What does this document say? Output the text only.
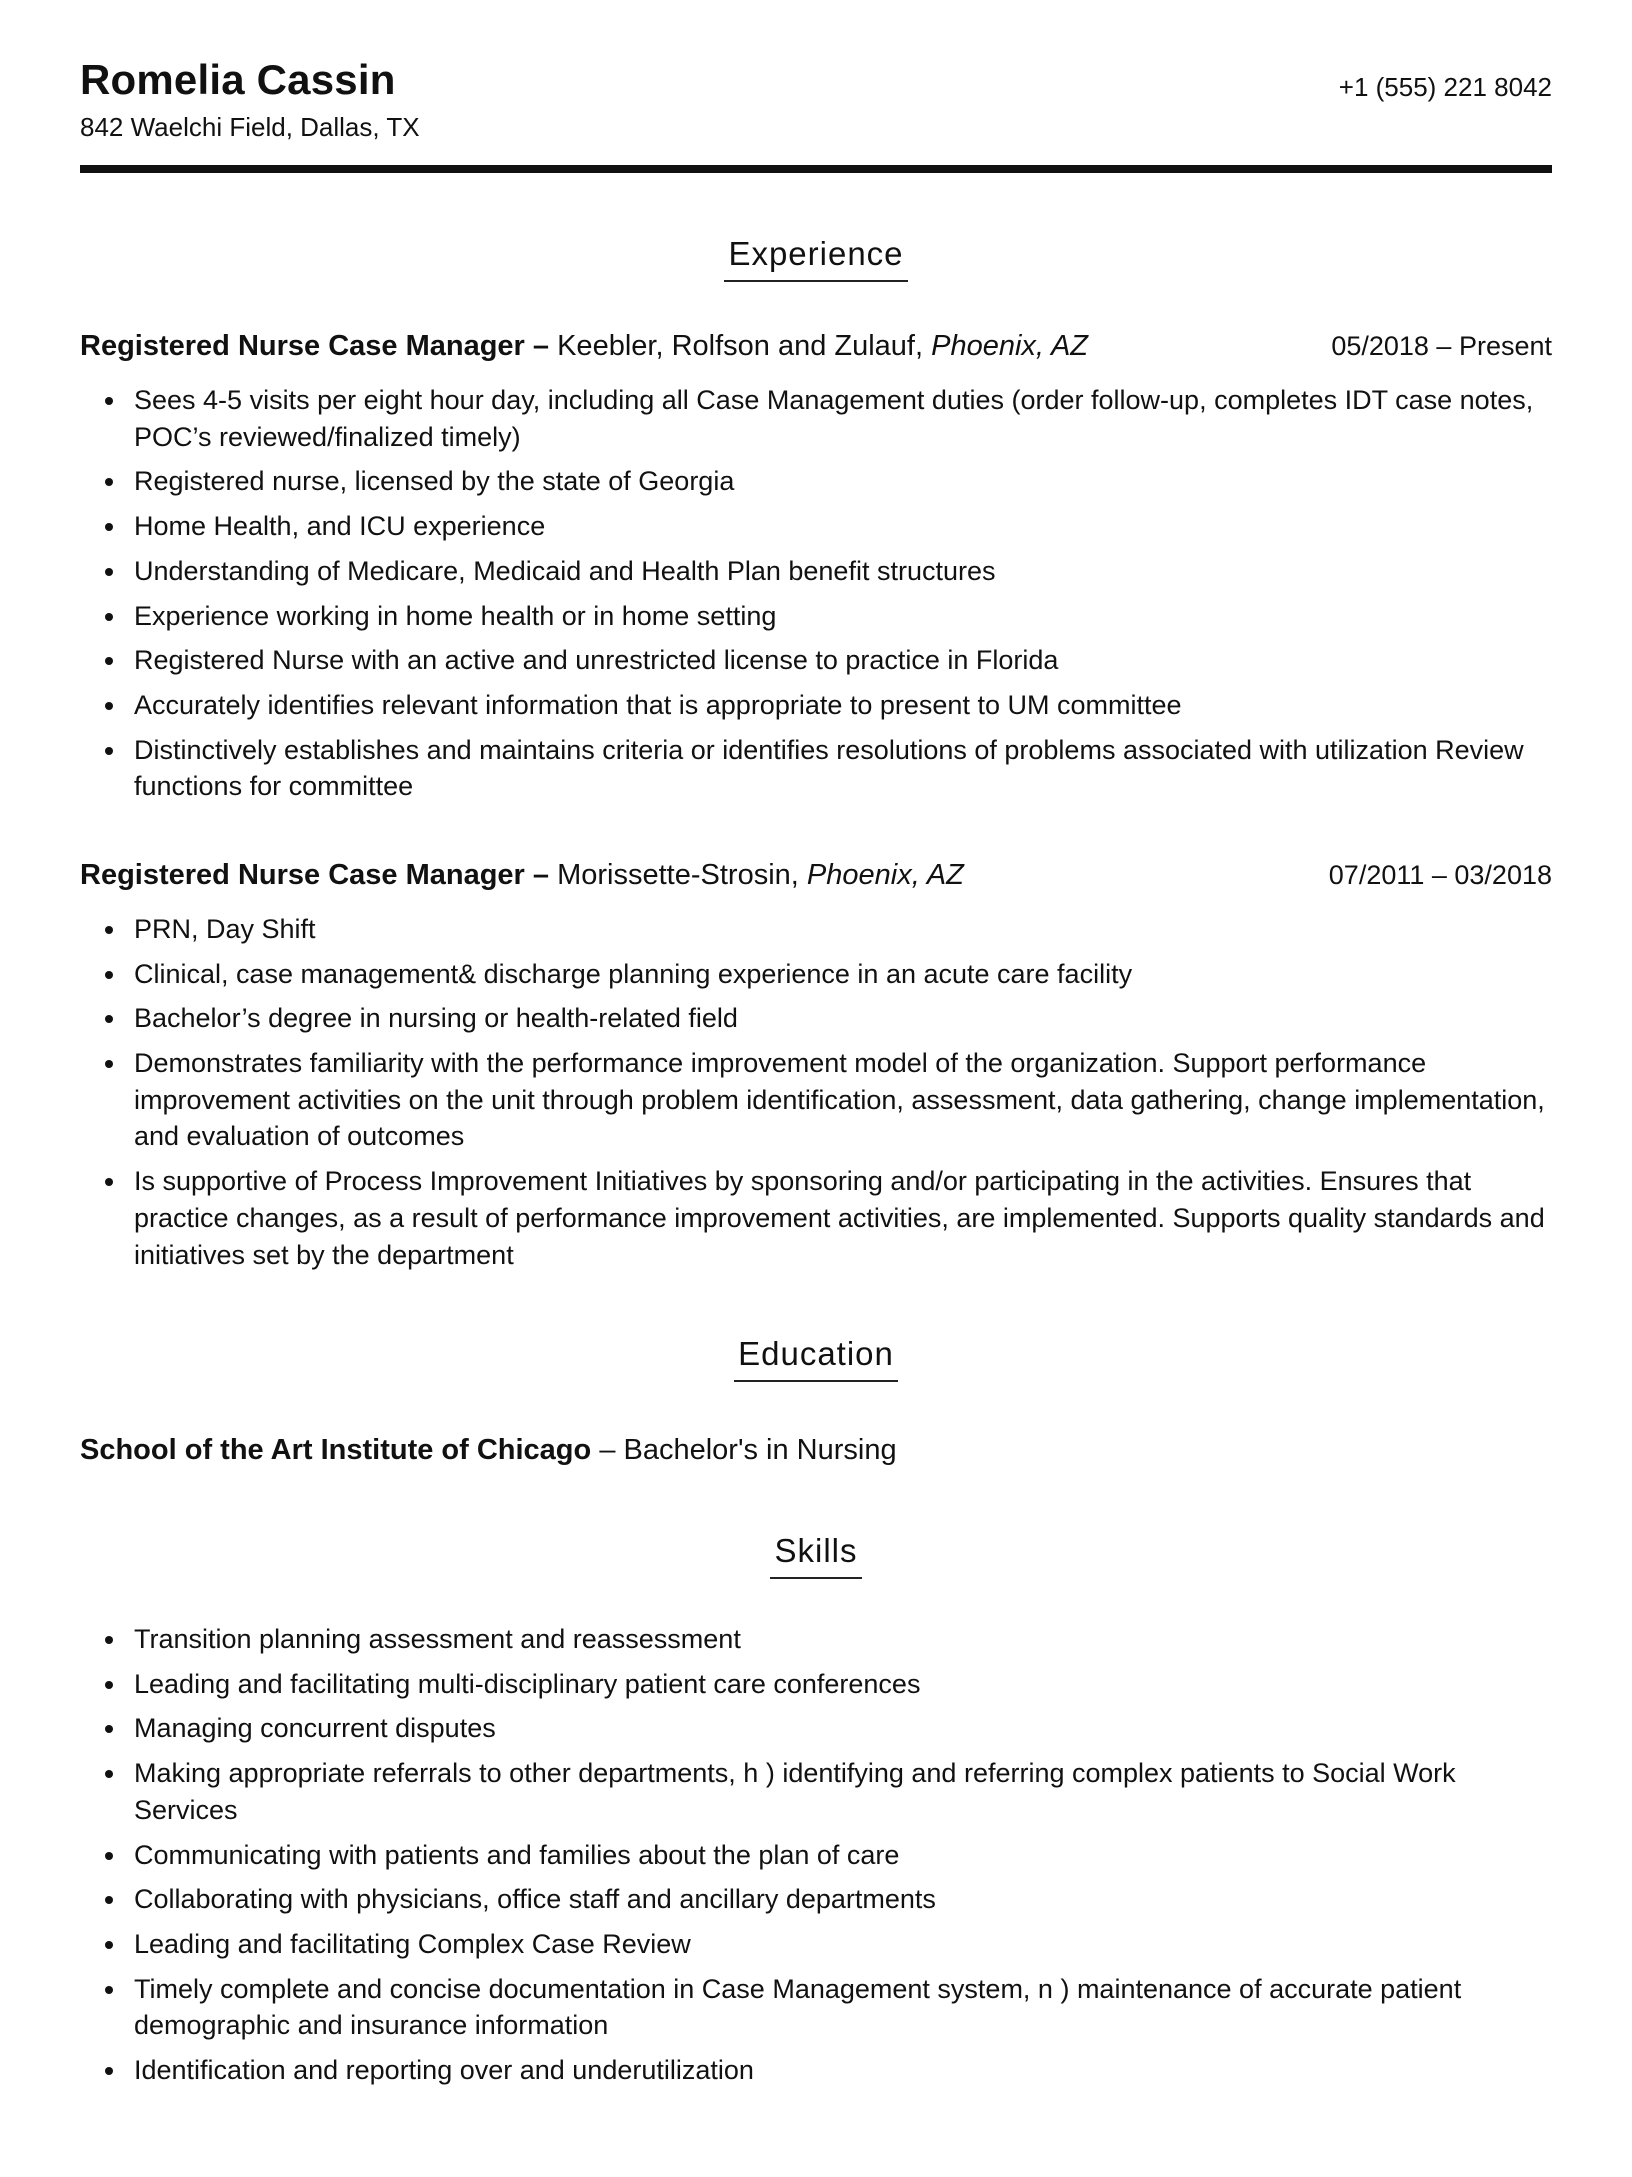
Romelia Cassin
842 Waelchi Field, Dallas, TX
+1 (555) 221 8042
Experience
Registered Nurse Case Manager – Keebler, Rolfson and Zulauf, Phoenix, AZ	05/2018 – Present
• Sees 4-5 visits per eight hour day, including all Case Management duties (order follow-up, completes IDT case notes, POC’s reviewed/finalized timely)
• Registered nurse, licensed by the state of Georgia
• Home Health, and ICU experience
• Understanding of Medicare, Medicaid and Health Plan benefit structures
• Experience working in home health or in home setting
• Registered Nurse with an active and unrestricted license to practice in Florida
• Accurately identifies relevant information that is appropriate to present to UM committee
• Distinctively establishes and maintains criteria or identifies resolutions of problems associated with utilization Review functions for committee
Registered Nurse Case Manager – Morissette-Strosin, Phoenix, AZ	07/2011 – 03/2018
• PRN, Day Shift
• Clinical, case management& discharge planning experience in an acute care facility
• Bachelor’s degree in nursing or health-related field
• Demonstrates familiarity with the performance improvement model of the organization. Support performance improvement activities on the unit through problem identification, assessment, data gathering, change implementation, and evaluation of outcomes
• Is supportive of Process Improvement Initiatives by sponsoring and/or participating in the activities. Ensures that practice changes, as a result of performance improvement activities, are implemented. Supports quality standards and initiatives set by the department
Education
School of the Art Institute of Chicago – Bachelor's in Nursing
Skills
• Transition planning assessment and reassessment
• Leading and facilitating multi-disciplinary patient care conferences
• Managing concurrent disputes
• Making appropriate referrals to other departments, h ) identifying and referring complex patients to Social Work Services
• Communicating with patients and families about the plan of care
• Collaborating with physicians, office staff and ancillary departments
• Leading and facilitating Complex Case Review
• Timely complete and concise documentation in Case Management system, n ) maintenance of accurate patient demographic and insurance information
• Identification and reporting over and underutilization
